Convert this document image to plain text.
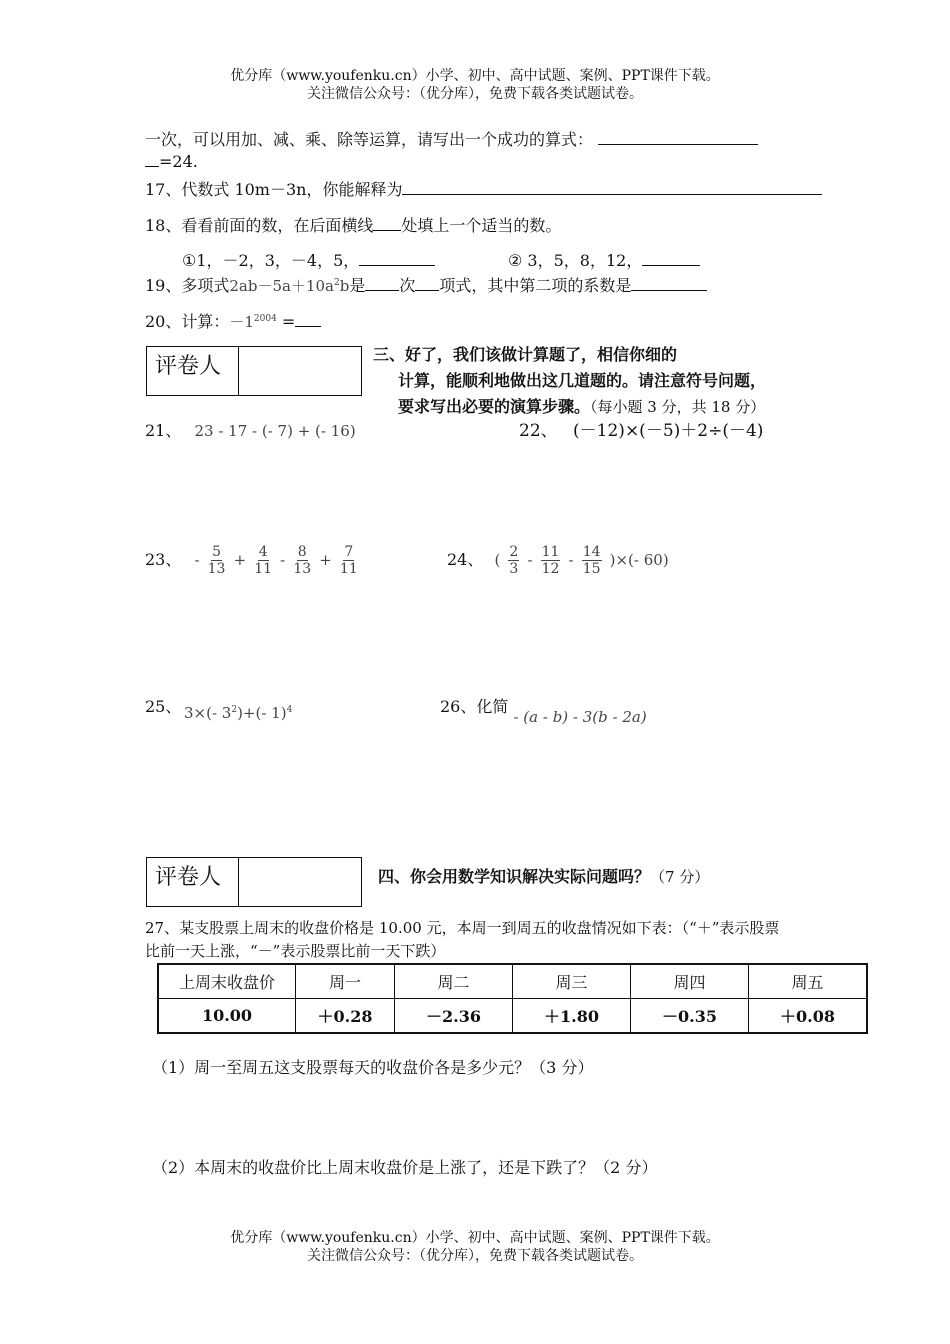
优分库（www.youfenku.cn）小学、初中、高中试题、案例、PPT课件下载。
关注微信公众号：（优分库），免费下载各类试题试卷。
一次，可以用加、减、乘、除等运算，请写出一个成功的算式：
=24.
17、代数式 10m－3n，你能解释为
18、看看前面的数，在后面横线 处填上一个适当的数。
①1，－2，3，－4，5，	② 3，5，8，12，
19、多项式$2ab-5a+10a^2b$是 次 项式，其中第二项的系数是
20、计算：$-1^{2004}$ =
评卷人	三、好了，我们该做计算题了，相信你细的
计算，能顺利地做出这几道题的。请注意符号问题，
要求写出必要的演算步骤。（每小题 3 分，共 18 分）
21、 23 - 17 - (- 7) + (- 16)	22、 (－12)×(－5)＋2÷(－4)
23、 - $\frac{5}{13} + \frac{4}{11} - \frac{8}{13} + \frac{7}{11}$	24、 ( $\frac{2}{3} - \frac{11}{12} - \frac{14}{15}$ )×(- 60)
25、 3×(- $3^2)+(-$ 1)$^4$	26、化简 - (a - b) - 3(b - 2a)
评卷人	四、你会用数学知识解决实际问题吗？（7 分）
27、某支股票上周末的收盘价格是 10.00 元，本周一到周五的收盘情况如下表：（“＋”表示股票
比前一天上涨，“－”表示股票比前一天下跌）
上周末收盘价	周一	周二	周三	周四	周五
10.00	＋0.28	－2.36	＋1.80	－0.35	＋0.08
（1）周一至周五这支股票每天的收盘价各是多少元？（3 分）
（2）本周末的收盘价比上周末收盘价是上涨了，还是下跌了？（2 分）
优分库（www.youfenku.cn）小学、初中、高中试题、案例、PPT课件下载。
关注微信公众号：（优分库），免费下载各类试题试卷。
